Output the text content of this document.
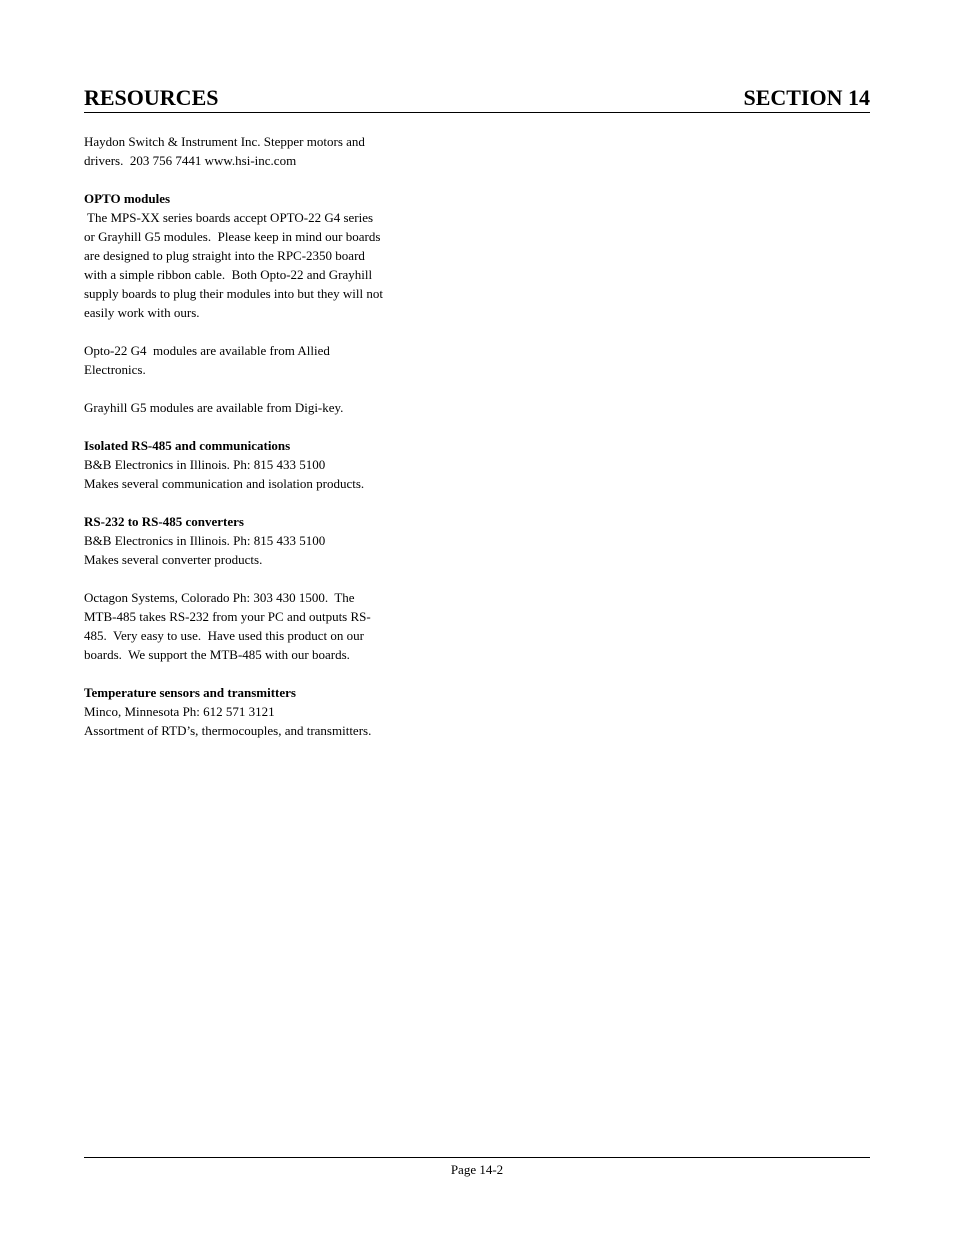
RESOURCES	SECTION 14
Haydon Switch & Instrument Inc. Stepper motors and
drivers.  203 756 7441 www.hsi-inc.com
OPTO modules
The MPS-XX series boards accept OPTO-22 G4 series
or Grayhill G5 modules.  Please keep in mind our boards
are designed to plug straight into the RPC-2350 board
with a simple ribbon cable.  Both Opto-22 and Grayhill
supply boards to plug their modules into but they will not
easily work with ours.
Opto-22 G4  modules are available from Allied
Electronics.
Grayhill G5 modules are available from Digi-key.
Isolated RS-485 and communications
B&B Electronics in Illinois. Ph: 815 433 5100
Makes several communication and isolation products.
RS-232 to RS-485 converters
B&B Electronics in Illinois. Ph: 815 433 5100
Makes several converter products.
Octagon Systems, Colorado Ph: 303 430 1500.  The
MTB-485 takes RS-232 from your PC and outputs RS-
485.  Very easy to use.  Have used this product on our
boards.  We support the MTB-485 with our boards.
Temperature sensors and transmitters
Minco, Minnesota Ph: 612 571 3121
Assortment of RTD’s, thermocouples, and transmitters.
Page 14-2
